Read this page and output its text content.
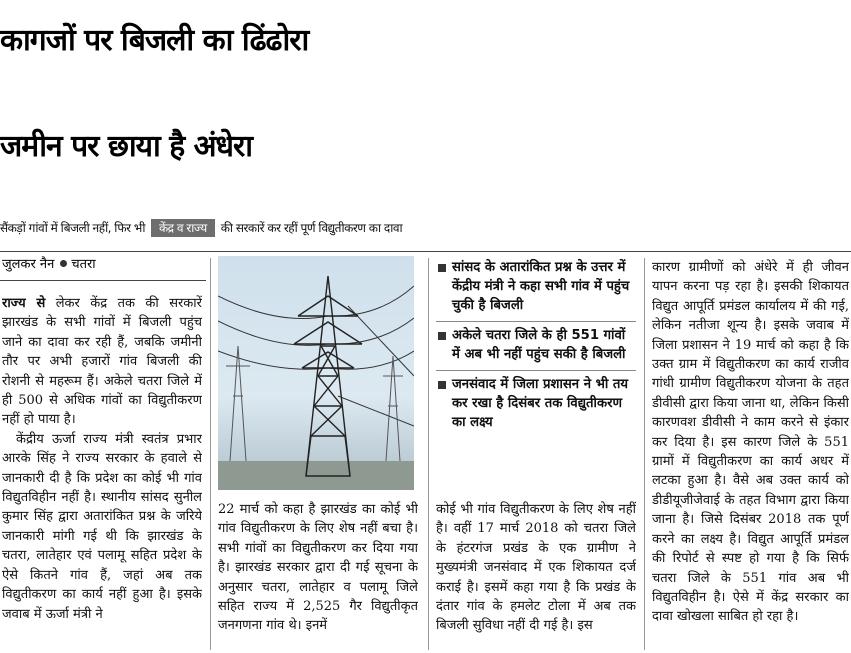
कागजों पर बिजली का ढिंढोरा
जमीन पर छाया है अंधेरा
सैंकड़ों गांवों में बिजली नहीं, फिर भी केंद्र व राज्य की सरकारें कर रहीं पूर्ण विद्युतीकरण का दावा
जुलकर नैन चतरा

राज्य से लेकर केंद्र तक की सरकारें झारखंड के सभी गांवों में बिजली पहुंच जाने का दावा कर रही हैं, जबकि जमीनी तौर पर अभी हजारों गांव बिजली की रोशनी से महरूम हैं। अकेले चतरा जिले में ही 500 से अधिक गांवों का विद्युतीकरण नहीं हो पाया है।

केंद्रीय ऊर्जा राज्य मंत्री स्वतंत्र प्रभार आरके सिंह ने राज्य सरकार के हवाले से जानकारी दी है कि प्रदेश का कोई भी गांव विद्युतविहीन नहीं है। स्थानीय सांसद सुनील कुमार सिंह द्वारा अतारांकित प्रश्न के जरिये जानकारी मांगी गई थी कि झारखंड के चतरा, लातेहार एवं पलामू सहित प्रदेश के ऐसे कितने गांव हैं, जहां अब तक विद्युतीकरण का कार्य नहीं हुआ है। इसके जवाब में ऊर्जा मंत्री ने

सांसद के अतारांकित प्रश्न के उत्तर में केंद्रीय मंत्री ने कहा सभी गांव में पहुंच चुकी है बिजली
अकेले चतरा जिले के ही 551 गांवों में अब भी नहीं पहुंच सकी है बिजली
जनसंवाद में जिला प्रशासन ने भी तय कर रखा है दिसंबर तक विद्युतीकरण का लक्ष्य

22 मार्च को कहा है झारखंड का कोई भी गांव विद्युतीकरण के लिए शेष नहीं बचा है। सभी गांवों का विद्युतीकरण कर दिया गया है। झारखंड सरकार द्वारा दी गई सूचना के अनुसार चतरा, लातेहार व पलामू जिले सहित राज्य में 2,525 गैर विद्युतीकृत जनगणना गांव थे। इनमें

कोई भी गांव विद्युतीकरण के लिए शेष नहीं है। वहीं 17 मार्च 2018 को चतरा जिले के हंटरगंज प्रखंड के एक ग्रामीण ने मुख्यमंत्री जनसंवाद में एक शिकायत दर्ज कराई है। इसमें कहा गया है कि प्रखंड के दंतार गांव के हमलेट टोला में अब तक बिजली सुविधा नहीं दी गई है। इस

कारण ग्रामीणों को अंधेरे में ही जीवन यापन करना पड़ रहा है। इसकी शिकायत विद्युत आपूर्ति प्रमंडल कार्यालय में की गई, लेकिन नतीजा शून्य है। इसके जवाब में जिला प्रशासन ने 19 मार्च को कहा है कि उक्त ग्राम में विद्युतीकरण का कार्य राजीव गांधी ग्रामीण विद्युतीकरण योजना के तहत डीवीसी द्वारा किया जाना था, लेकिन किसी कारणवश डीवीसी ने काम करने से इंकार कर दिया है। इस कारण जिले के 551 ग्रामों में विद्युतीकरण का कार्य अधर में लटका हुआ है। वैसे अब उक्त कार्य को डीडीयूजीजेवाई के तहत विभाग द्वारा किया जाना है। जिसे दिसंबर 2018 तक पूर्ण करने का लक्ष्य है। विद्युत आपूर्ति प्रमंडल की रिपोर्ट से स्पष्ट हो गया है कि सिर्फ चतरा जिले के 551 गांव अब भी विद्युतविहीन है। ऐसे में केंद्र सरकार का दावा खोखला साबित हो रहा है।
